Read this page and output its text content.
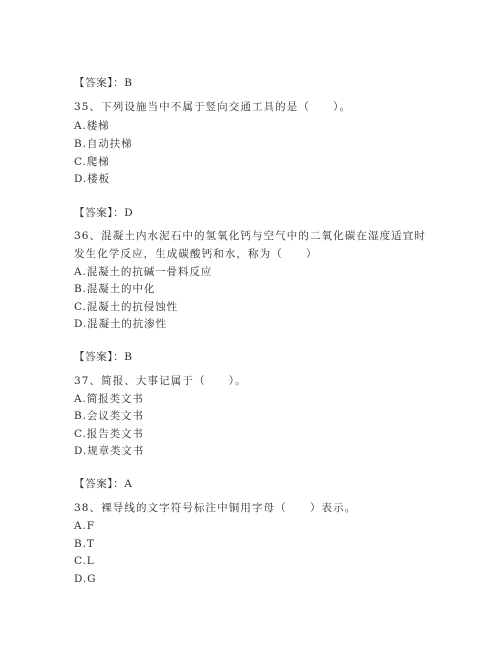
【答案】：B
35、下列设施当中不属于竖向交通工具的是（　　）。
A.楼梯
B.自动扶梯
C.爬梯
D.楼板
【答案】：D
36、混凝土内水泥石中的氢氧化钙与空气中的二氧化碳在湿度适宜时
发生化学反应，生成碳酸钙和水，称为（　　）
A.混凝土的抗碱一骨料反应
B.混凝土的中化
C.混凝土的抗侵蚀性
D.混凝土的抗渗性
【答案】：B
37、简报、大事记属于（　　）。
A.简报类文书
B.会议类文书
C.报告类文书
D.规章类文书
【答案】：A
38、裸导线的文字符号标注中铜用字母（　　）表示。
A.F
B.T
C.L
D.G
